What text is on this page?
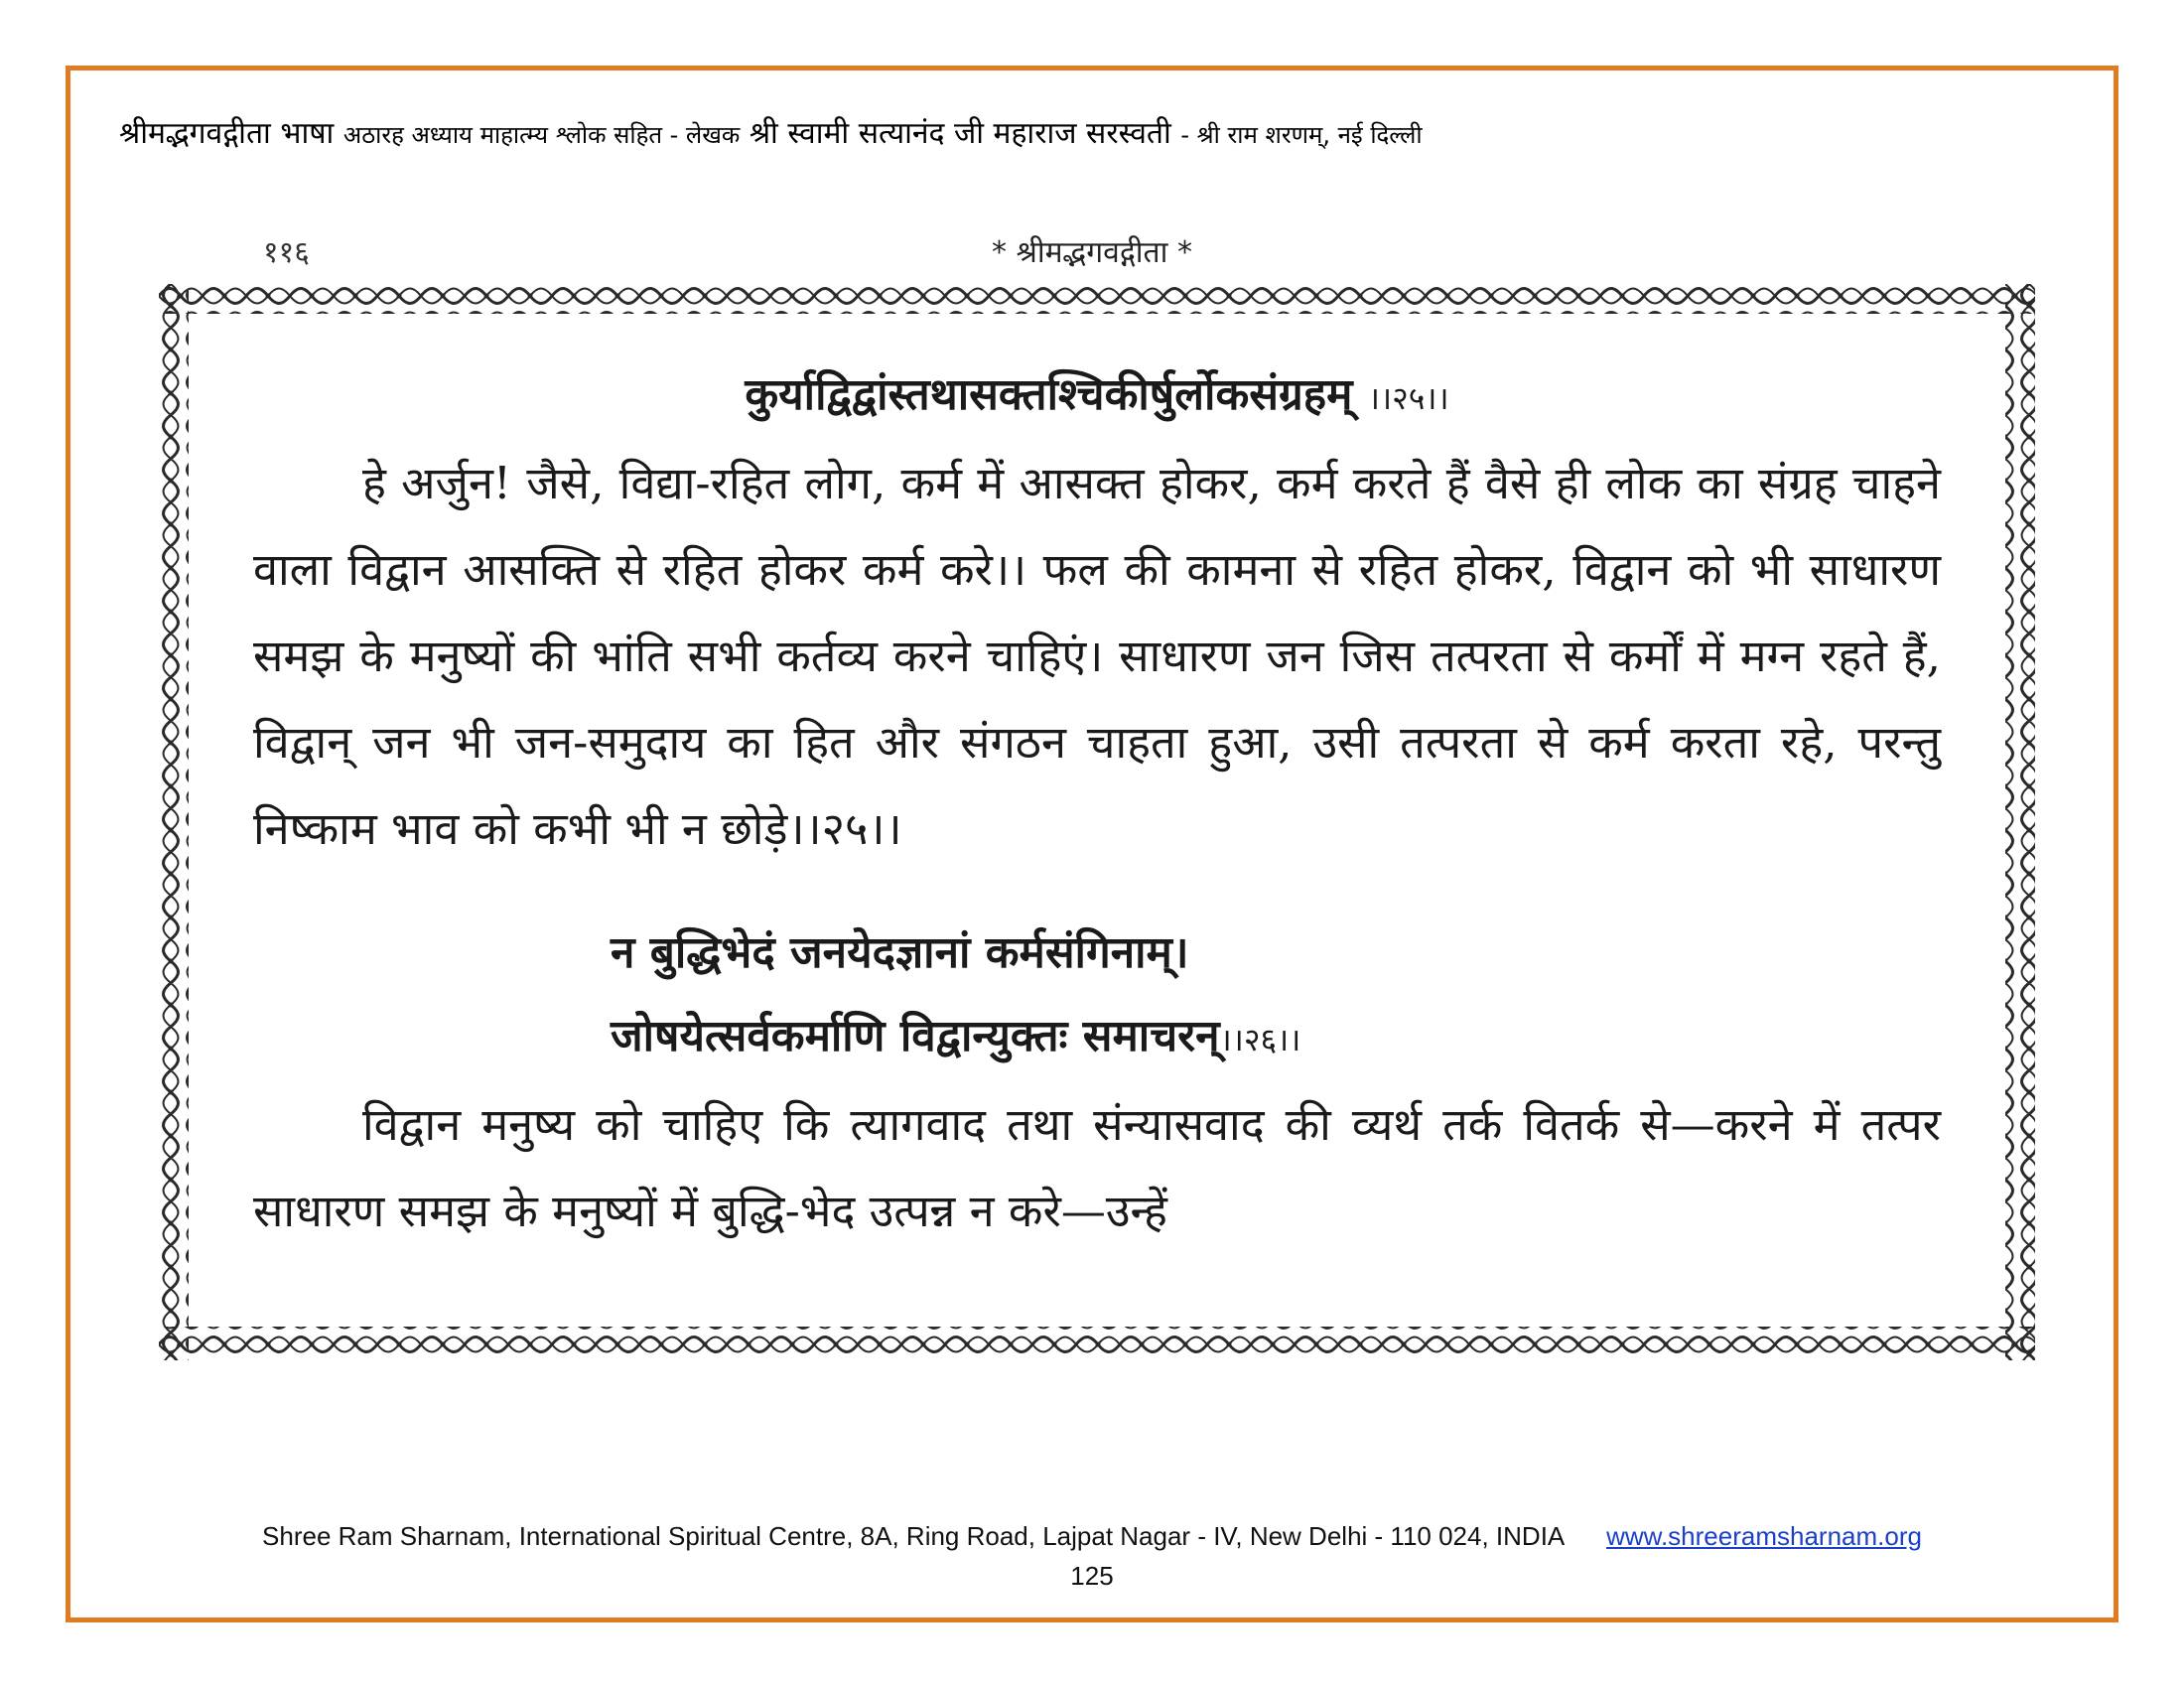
श्रीमद्भगवद्गीता भाषा अठारह अध्याय माहात्म्य श्लोक सहित - लेखक श्री स्वामी सत्यानंद जी महाराज सरस्वती - श्री राम शरणम्, नई दिल्ली
११६	* श्रीमद्भगवद्गीता *
कुर्याद्विद्वांस्तथासक्तश्चिकीर्षुर्लोकसंग्रहम् ।।२५।।

हे अर्जुन! जैसे, विद्या-रहित लोग, कर्म में आसक्त होकर, कर्म करते हैं वैसे ही लोक का संग्रह चाहने वाला विद्वान आसक्ति से रहित होकर कर्म करे।। फल की कामना से रहित होकर, विद्वान को भी साधारण समझ के मनुष्यों की भांति सभी कर्तव्य करने चाहिएं। साधारण जन जिस तत्परता से कर्मों में मग्न रहते हैं, विद्वान् जन भी जन-समुदाय का हित और संगठन चाहता हुआ, उसी तत्परता से कर्म करता रहे, परन्तु निष्काम भाव को कभी भी न छोड़े।।२५।।

न बुद्धिभेदं जनयेदज्ञानां कर्मसंगिनाम्।
जोषयेत्सर्वकर्माणि विद्वान्युक्तः समाचरन्।।२६।।

विद्वान मनुष्य को चाहिए कि त्यागवाद तथा संन्यासवाद की व्यर्थ तर्क वितर्क से—करने में तत्पर साधारण समझ के मनुष्यों में बुद्धि-भेद उत्पन्न न करे—उन्हें

Shree Ram Sharnam, International Spiritual Centre, 8A, Ring Road, Lajpat Nagar - IV, New Delhi - 110 024, INDIA www.shreeramsharnam.org
125
